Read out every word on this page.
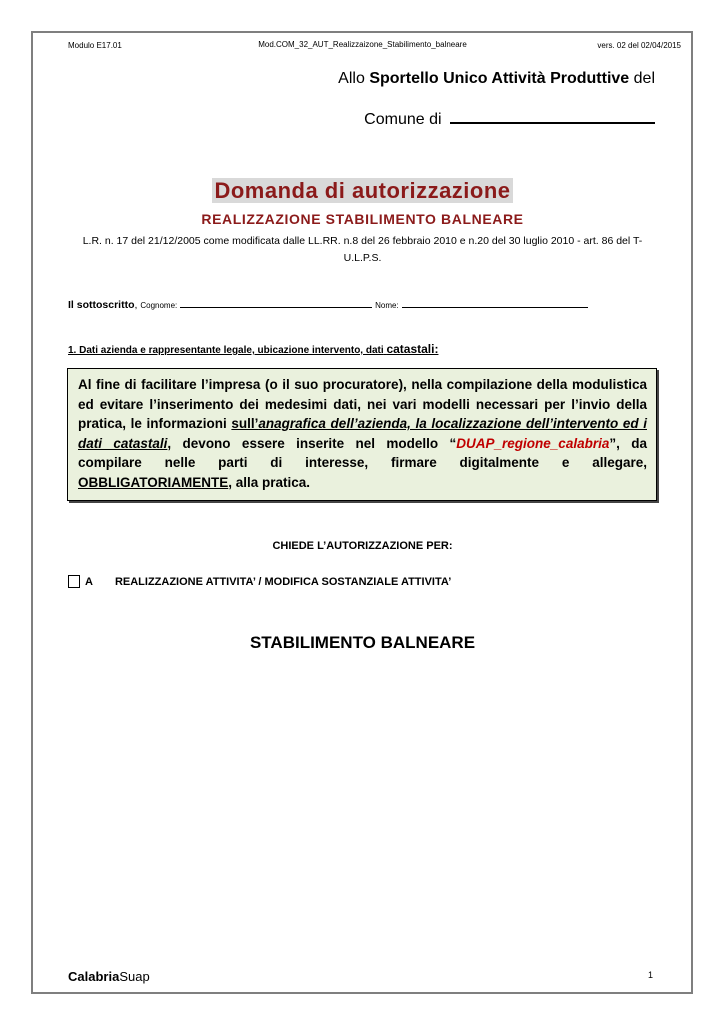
Modulo E17.01	Mod.COM_32_AUT_Realizzaizone_Stabilimento_balneare	vers. 02 del 02/04/2015
Allo Sportello Unico Attività Produttive del
Comune di
Domanda di autorizzazione
REALIZZAZIONE STABILIMENTO BALNEARE
L.R. n. 17 del 21/12/2005 come modificata dalle LL.RR. n.8 del 26 febbraio 2010 e n.20 del 30 luglio 2010 - art. 86 del T-U.L.P.S.
Il sottoscritto, Cognome:	Nome:
1. Dati azienda e rappresentante legale, ubicazione intervento, dati catastali:
Al fine di facilitare l’impresa (o il suo procuratore), nella compilazione della modulistica ed evitare l’inserimento dei medesimi dati, nei vari modelli necessari per l’invio della pratica, le informazioni sull’anagrafica dell’azienda, la localizzazione dell’intervento ed i dati catastali, devono essere inserite nel modello “DUAP_regione_calabria”, da compilare nelle parti di interesse, firmare digitalmente e allegare, OBBLIGATORIAMENTE, alla pratica.
CHIEDE L’AUTORIZZAZIONE PER:
A REALIZZAZIONE ATTIVITA’ / MODIFICA SOSTANZIALE ATTIVITA’
STABILIMENTO BALNEARE
CalabriaSuap	1
